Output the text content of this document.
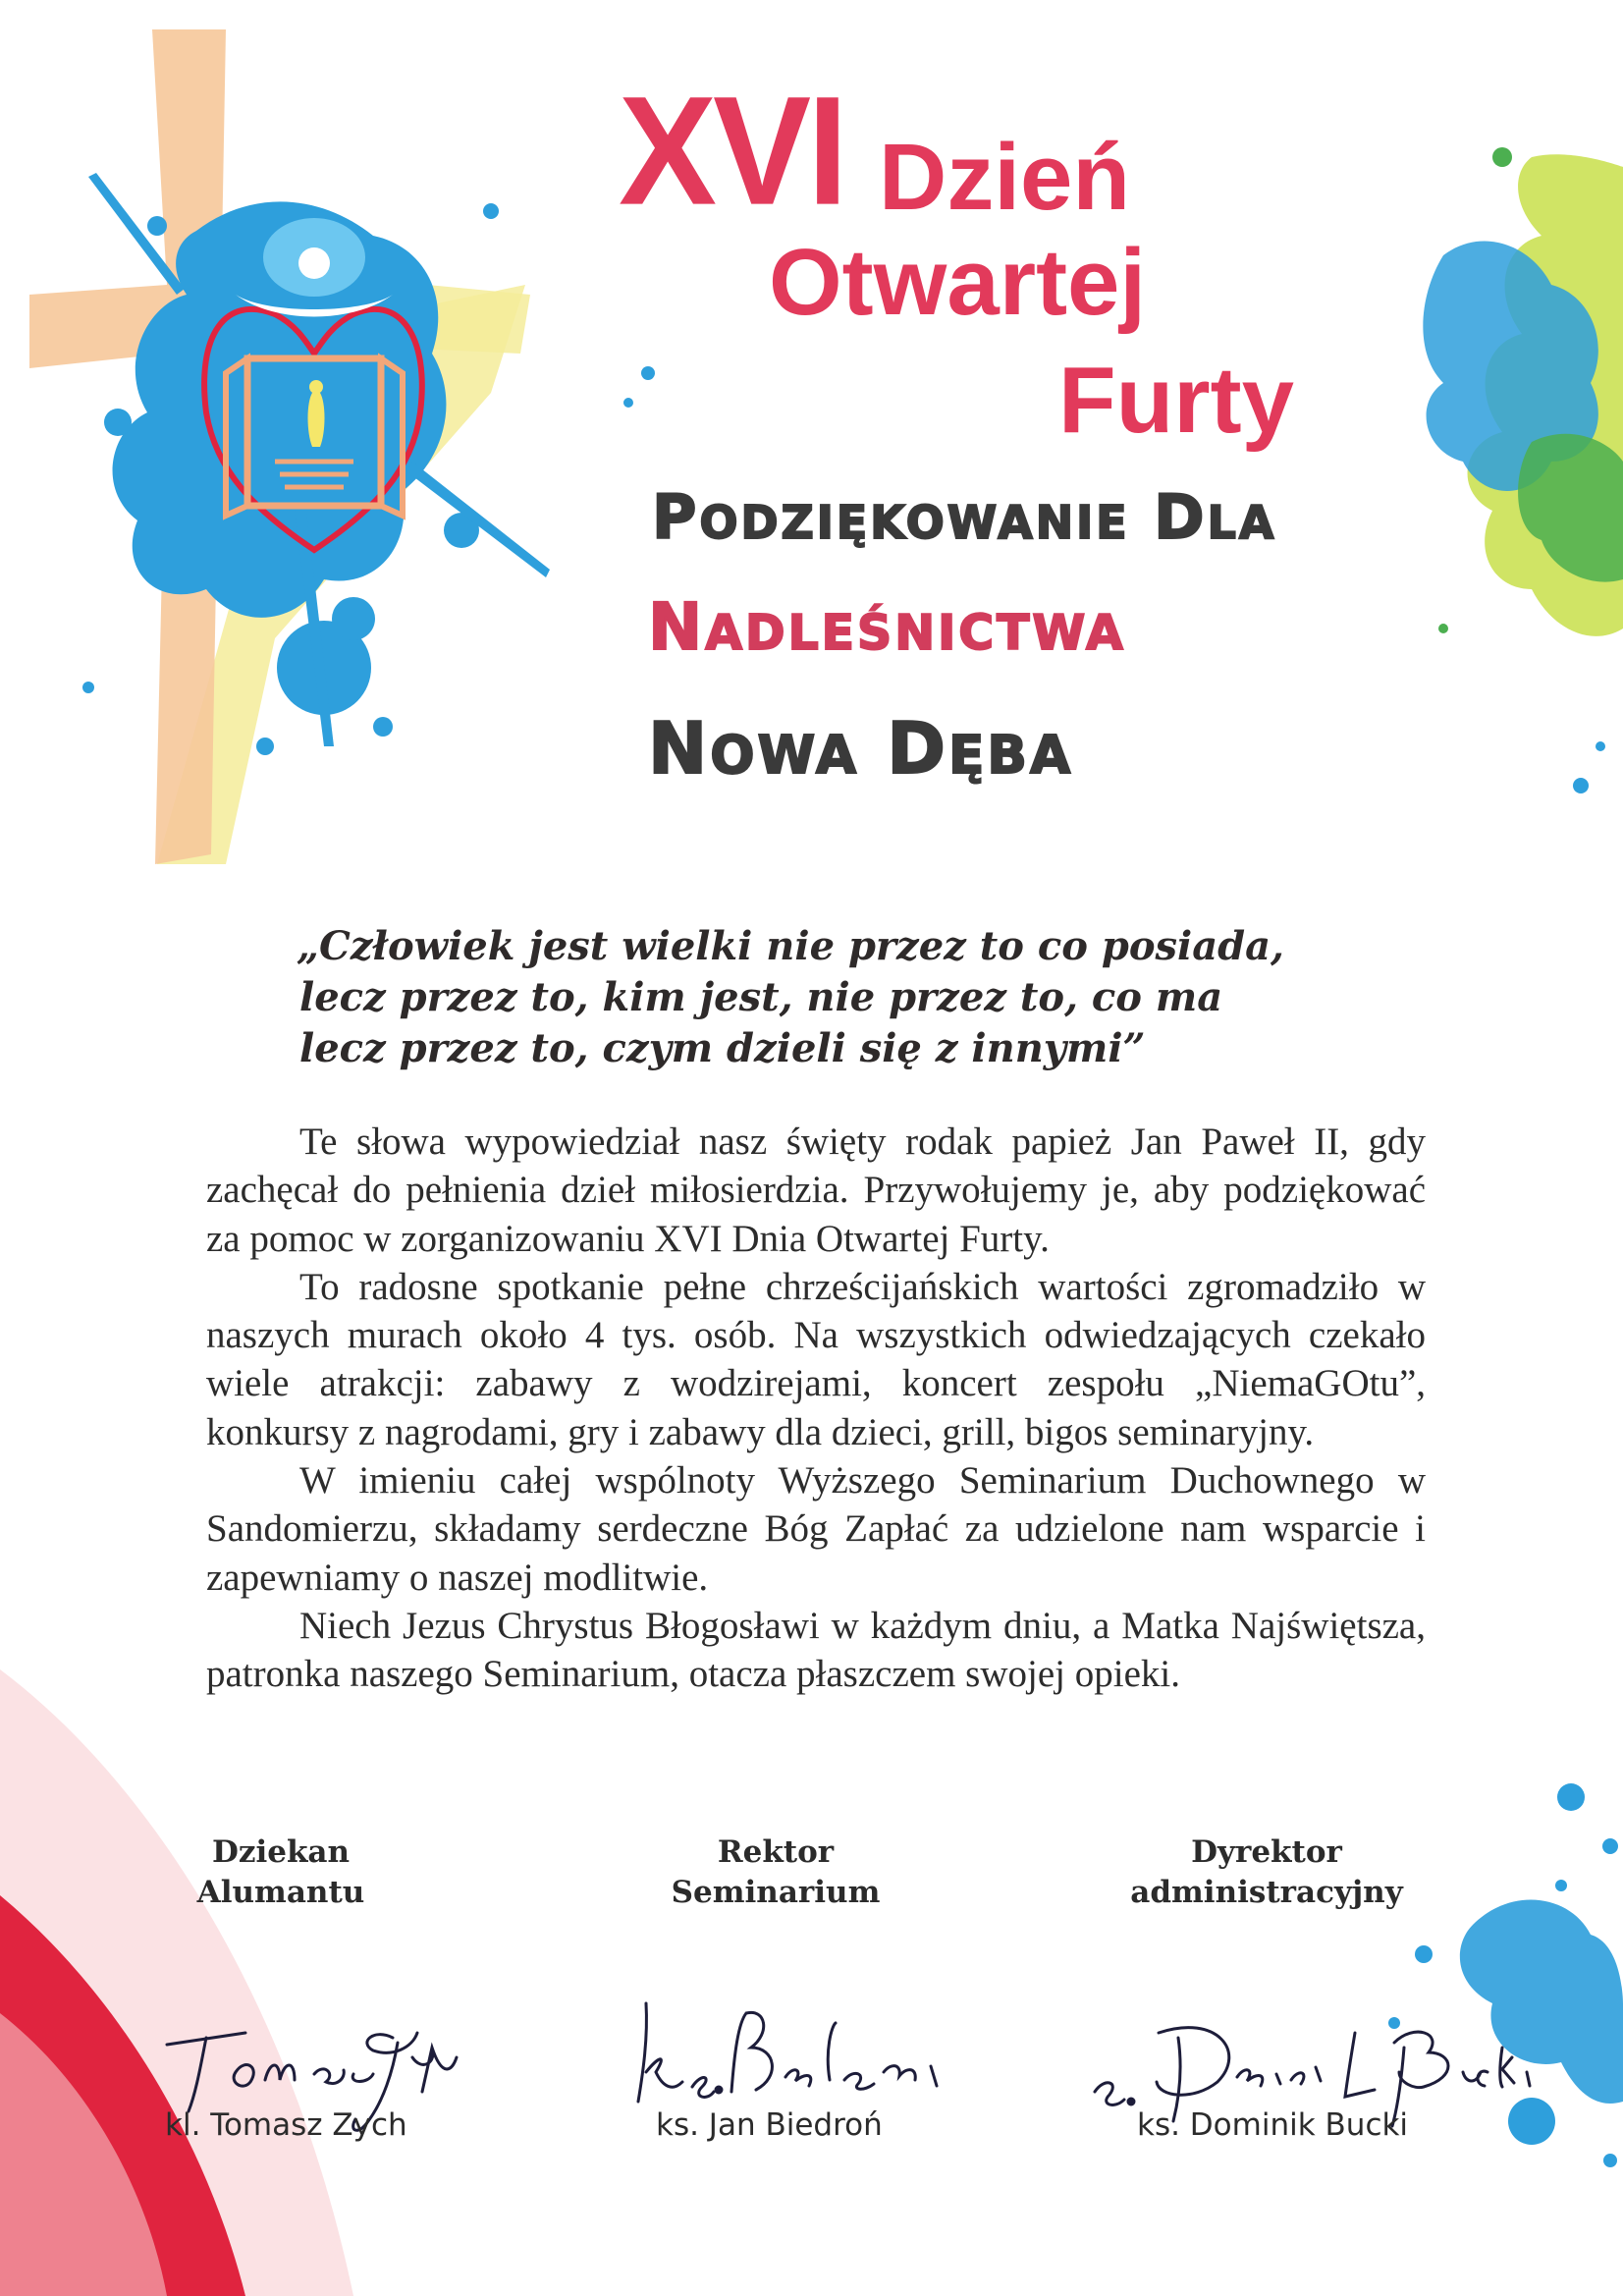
XVI Dzień
Otwartej
Furty
PODZIĘKOWANIE DLA
NADLEŚNICTWA
NOWA DĘBA
„Człowiek jest wielki nie przez to co posiada,
lecz przez to, kim jest, nie przez to, co ma
lecz przez to, czym dzieli się z innymi”

Te słowa wypowiedział nasz święty rodak papież Jan Paweł II, gdy zachęcał do pełnienia dzieł miłosierdzia. Przywołujemy je, aby podziękować za pomoc w zorganizowaniu XVI Dnia Otwartej Furty.

To radosne spotkanie pełne chrześcijańskich wartości zgromadziło w naszych murach około 4 tys. osób. Na wszystkich odwiedzających czekało wiele atrakcji: zabawy z wodzirejami, koncert zespołu „NiemaGOtu”, konkursy z nagrodami, gry i zabawy dla dzieci, grill, bigos seminaryjny.

W imieniu całej wspólnoty Wyższego Seminarium Duchownego w Sandomierzu, składamy serdeczne Bóg Zapłać za udzielone nam wsparcie i zapewniamy o naszej modlitwie.

Niech Jezus Chrystus Błogosławi w każdym dniu, a Matka Najświętsza, patronka naszego Seminarium, otacza płaszczem swojej opieki.

Dziekan
Alumantu
Rektor
Seminarium
Dyrektor
administracyjny
kl. Tomasz Zych	ks. Jan Biedroń	ks. Dominik Bucki
